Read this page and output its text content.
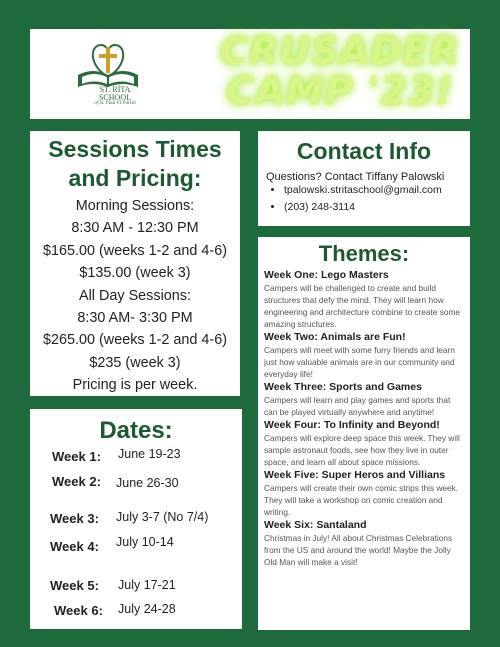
ST. RITA SCHOOL
of St. Paul VI Parish
CRUSADER CAMP '23!
Sessions Times and Pricing:
Morning Sessions:
8:30 AM - 12:30 PM
$165.00 (weeks 1-2 and 4-6)
$135.00 (week 3)
All Day Sessions:
8:30 AM- 3:30 PM
$265.00 (weeks 1-2 and 4-6)
$235 (week 3)
Pricing is per week.
Dates:
Week 1: June 19-23
Week 2: June 26-30
Week 3: July 3-7 (No 7/4)
Week 4: July 10-14
Week 5: July 17-21
Week 6: July 24-28
Contact Info
Questions? Contact Tiffany Palowski
• tpalowski.stritaschool@gmail.com
• (203) 248-3114
Themes:
Week One: Lego Masters
Campers will be challenged to create and build structures that defy the mind. They will learn how engineering and architecture combine to create some amazing structures.
Week Two: Animals are Fun!
Campers will meet with some furry friends and learn just how valuable animals are in our community and everyday life!
Week Three: Sports and Games
Campers will learn and play games and sports that can be played virtually anywhere and anytime!
Week Four: To Infinity and Beyond!
Campers will explore deep space this week. They will sample astronaut foods, see how they live in outer space, and learn all about space missions.
Week Five: Super Heros and Villians
Campers will create their own comic strips this week. They will take a workshop on comic creation and writing.
Week Six: Santaland
Christmas in July! All about Christmas Celebrations from the US and around the world! Maybe the Jolly Old Man will make a visit!
